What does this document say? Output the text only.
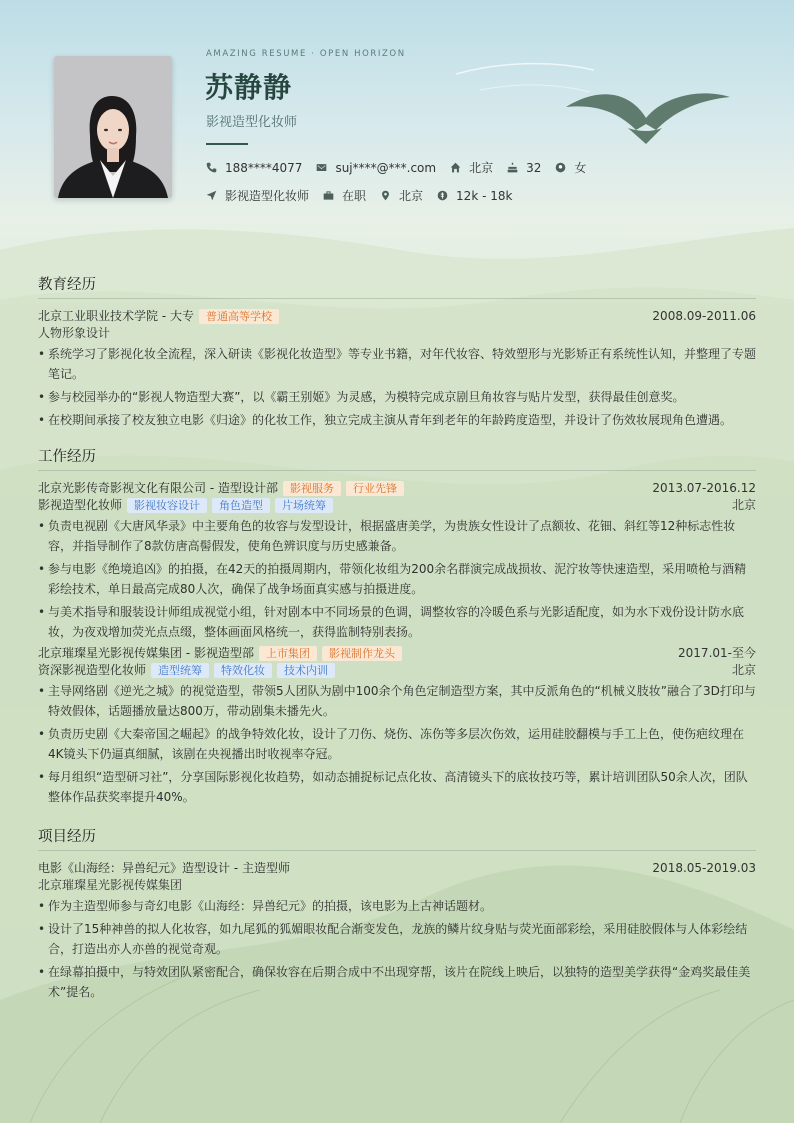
AMAZING RESUME · OPEN HORIZON
苏静静
影视造型化妆师
188****4077	suj****@***.com	北京	32	女
影视造型化妆师	在职	北京	12k - 18k
教育经历
北京工业职业技术学院 - 大专	普通高等学校	2008.09-2011.06
人物形象设计
• 系统学习了影视化妆全流程，深入研读《影视化妆造型》等专业书籍，对年代妆容、特效塑形与光影矫正有系统性认知，并整理了专题笔记。
• 参与校园举办的“影视人物造型大赛”，以《霸王别姬》为灵感，为模特完成京剧旦角妆容与贴片发型，获得最佳创意奖。
• 在校期间承接了校友独立电影《归途》的化妆工作，独立完成主演从青年到老年的年龄跨度造型，并设计了伤效妆展现角色遭遇。
工作经历
北京光影传奇影视文化有限公司 - 造型设计部	影视服务	行业先锋	2013.07-2016.12
影视造型化妆师	影视妆容设计	角色造型	片场统筹	北京
• 负责电视剧《大唐风华录》中主要角色的妆容与发型设计，根据盛唐美学，为贵族女性设计了点额妆、花钿、斜红等12种标志性妆容，并指导制作了8款仿唐高髻假发，使角色辨识度与历史感兼备。
• 参与电影《绝境追凶》的拍摄，在42天的拍摄周期内，带领化妆组为200余名群演完成战损妆、泥泞妆等快速造型，采用喷枪与酒精彩绘技术，单日最高完成80人次，确保了战争场面真实感与拍摄进度。
• 与美术指导和服装设计师组成视觉小组，针对剧本中不同场景的色调，调整妆容的冷暖色系与光影适配度，如为水下戏份设计防水底妆，为夜戏增加荧光点点缀，整体画面风格统一，获得监制特别表扬。
北京璀璨星光影视传媒集团 - 影视造型部	上市集团	影视制作龙头	2017.01-至今
资深影视造型化妆师	造型统筹	特效化妆	技术内训	北京
• 主导网络剧《逆光之城》的视觉造型，带领5人团队为剧中100余个角色定制造型方案，其中反派角色的“机械义肢妆”融合了3D打印与特效假体，话题播放量达800万，带动剧集未播先火。
• 负责历史剧《大秦帝国之崛起》的战争特效化妆，设计了刀伤、烧伤、冻伤等多层次伤效，运用硅胶翻模与手工上色，使伤疤纹理在4K镜头下仍逼真细腻，该剧在央视播出时收视率夺冠。
• 每月组织“造型研习社”，分享国际影视化妆趋势，如动态捕捉标记点化妆、高清镜头下的底妆技巧等，累计培训团队50余人次，团队整体作品获奖率提升40%。
项目经历
电影《山海经：异兽纪元》造型设计 - 主造型师	2018.05-2019.03
北京璀璨星光影视传媒集团
• 作为主造型师参与奇幻电影《山海经：异兽纪元》的拍摄，该电影为上古神话题材。
• 设计了15种神兽的拟人化妆容，如九尾狐的狐媚眼妆配合渐变发色，龙族的鳞片纹身贴与荧光面部彩绘，采用硅胶假体与人体彩绘结合，打造出亦人亦兽的视觉奇观。
• 在绿幕拍摄中，与特效团队紧密配合，确保妆容在后期合成中不出现穿帮，该片在院线上映后，以独特的造型美学获得“金鸡奖最佳美术”提名。
